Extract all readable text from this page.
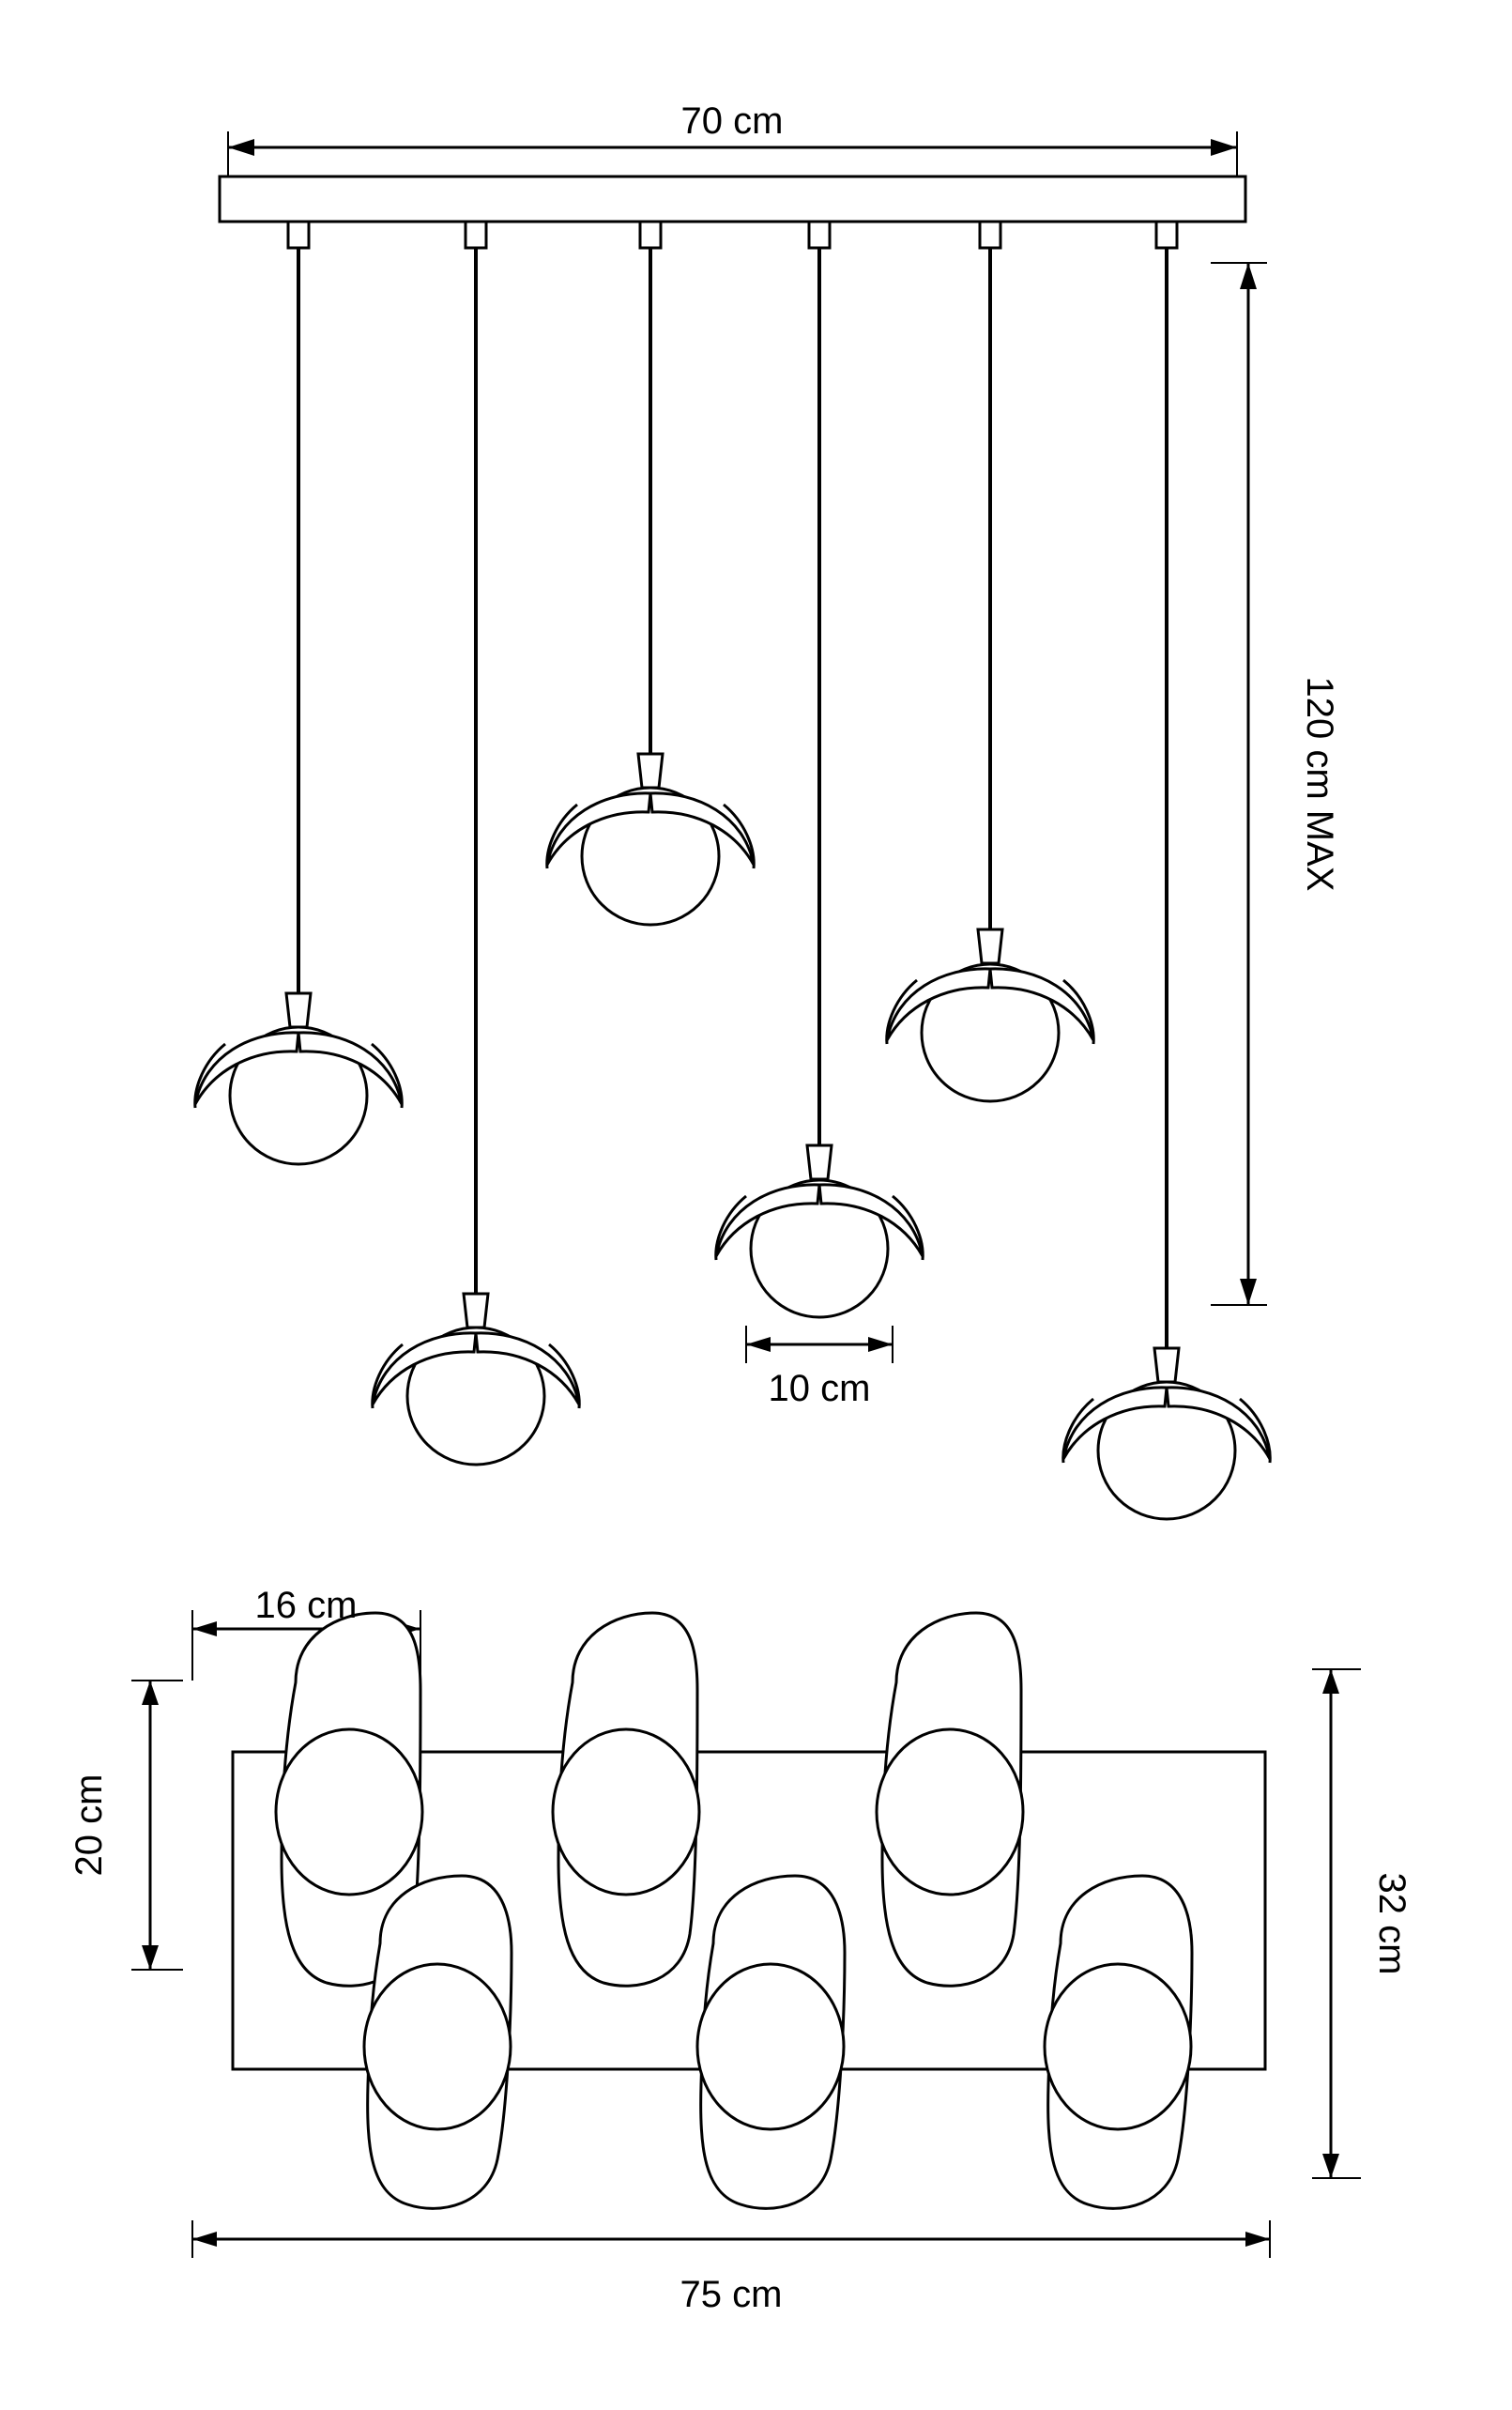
70 cm
120 cm MAX
10 cm
16 cm
20 cm
32 cm
75 cm
